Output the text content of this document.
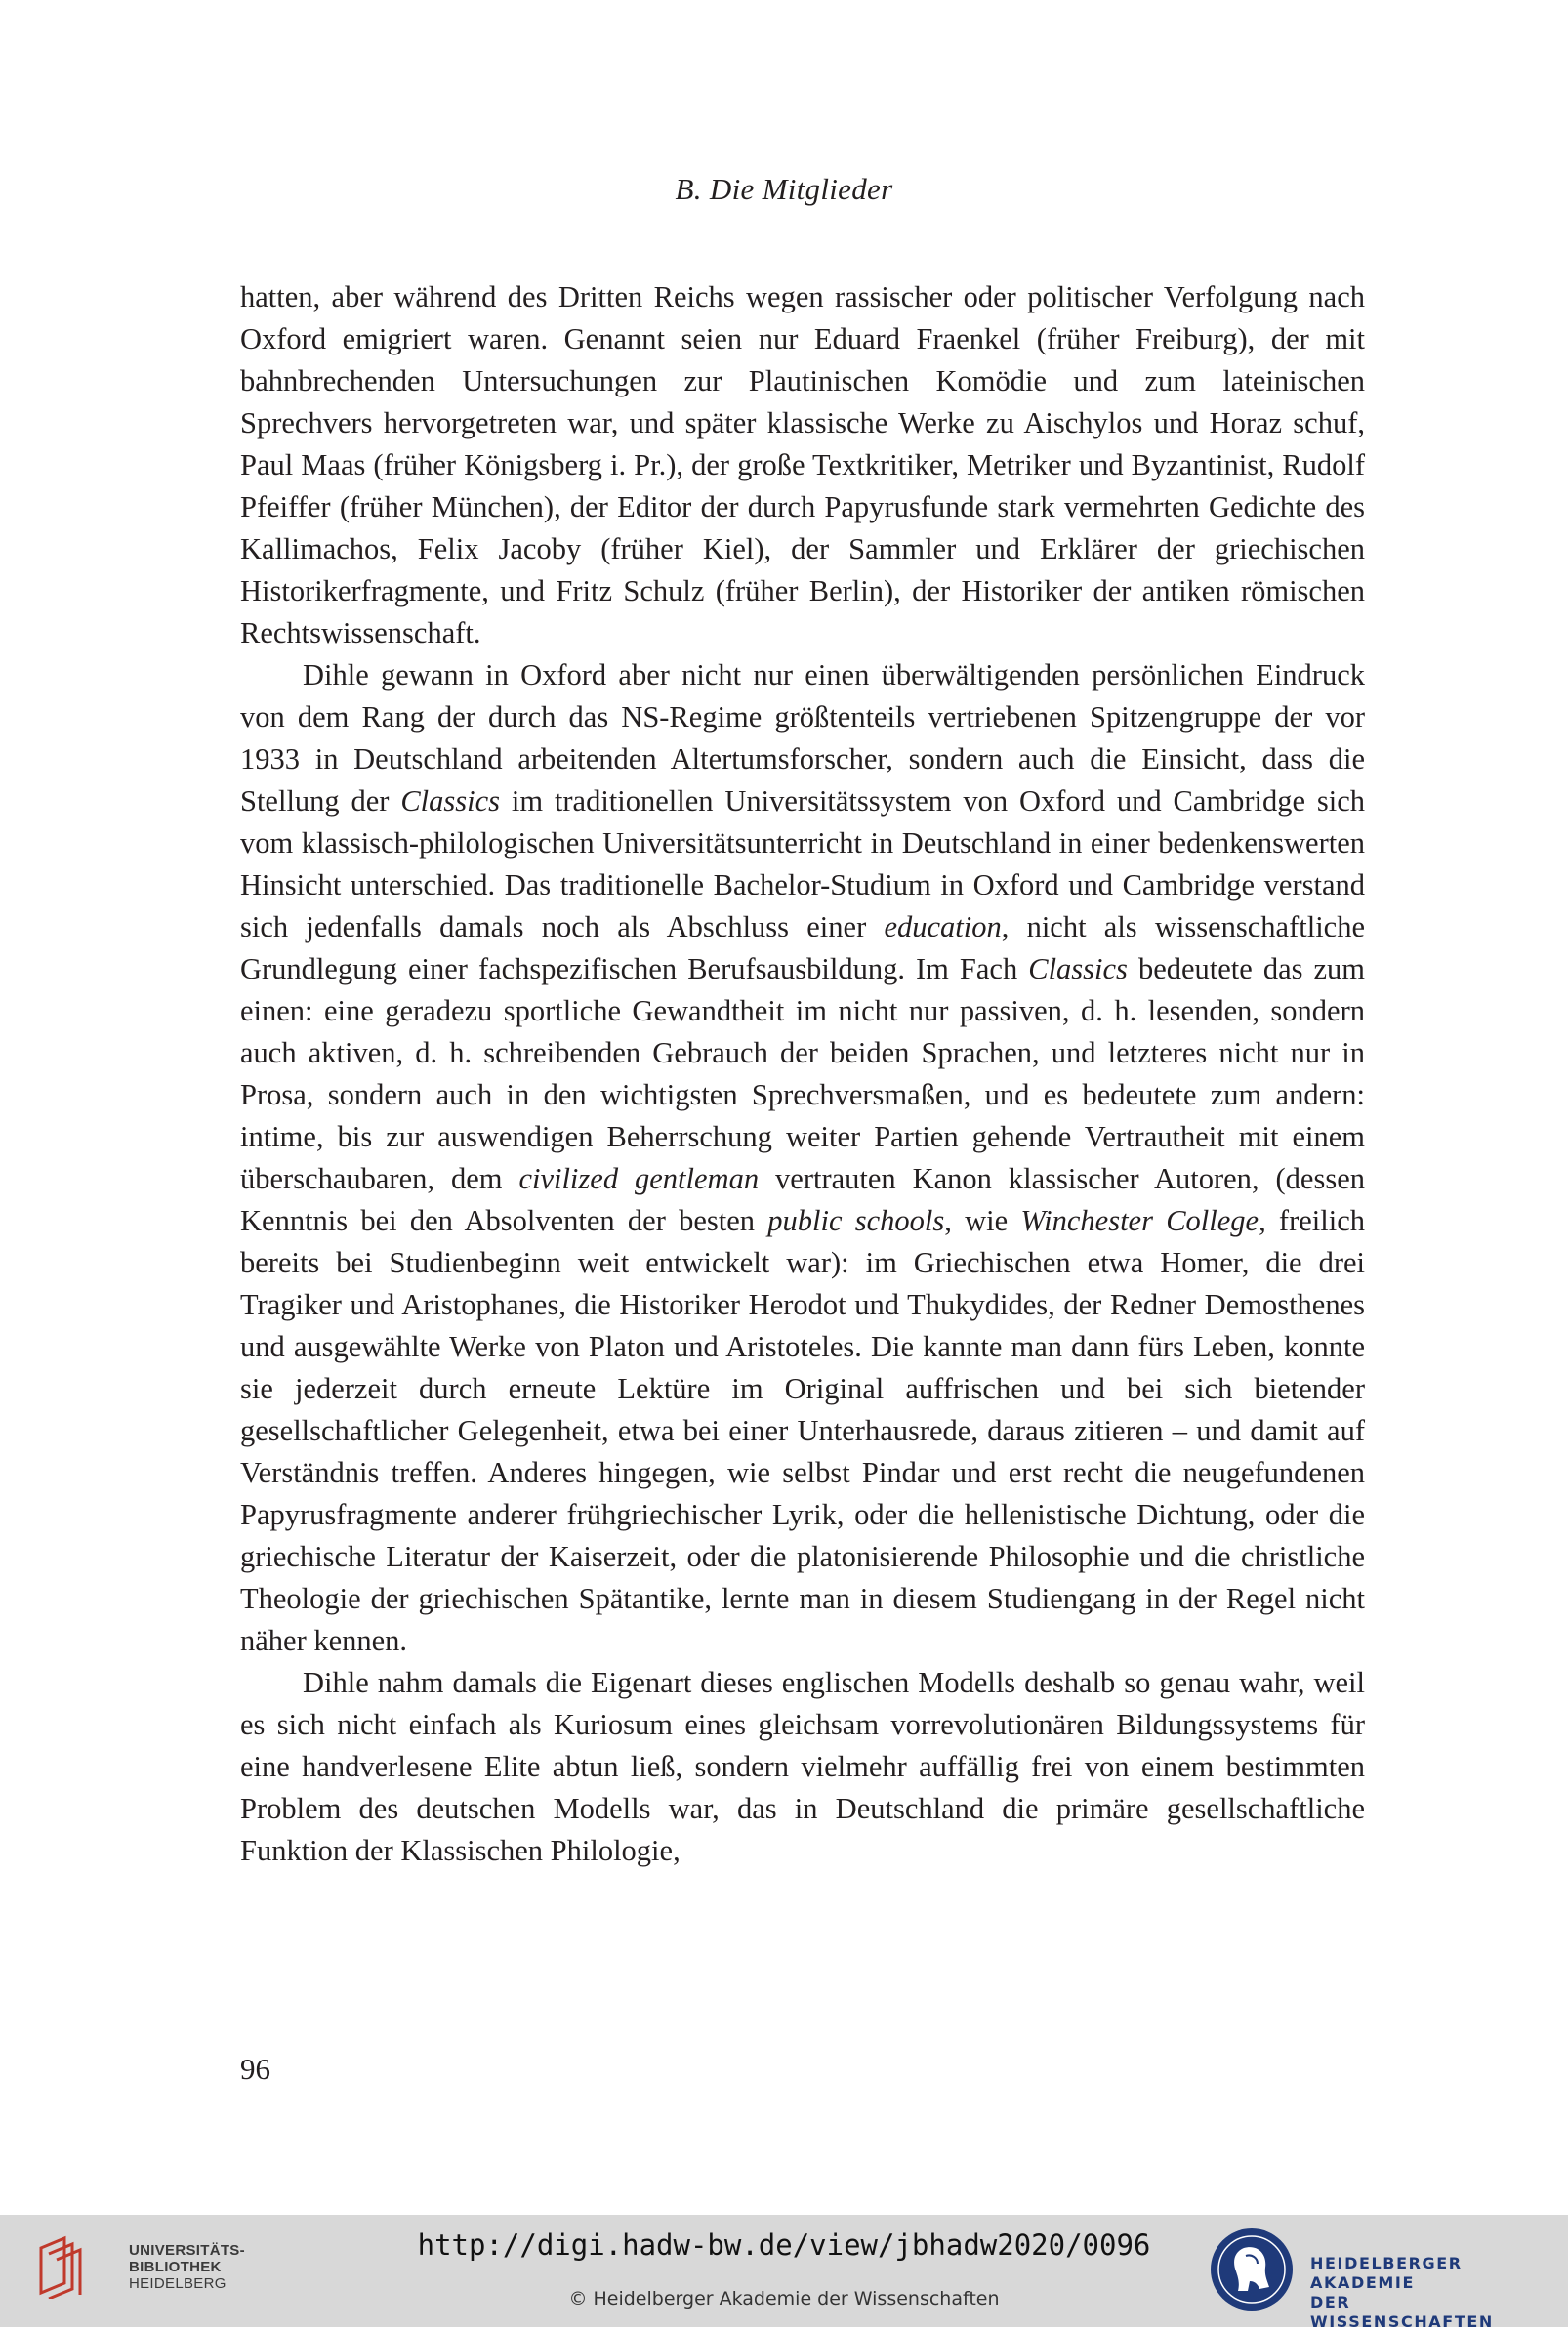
B. Die Mitglieder

hatten, aber während des Dritten Reichs wegen rassischer oder politischer Verfolgung nach Oxford emigriert waren. Genannt seien nur Eduard Fraenkel (früher Freiburg), der mit bahnbrechenden Untersuchungen zur Plautinischen Komödie und zum lateinischen Sprechvers hervorgetreten war, und später klassische Werke zu Aischylos und Horaz schuf, Paul Maas (früher Königsberg i. Pr.), der große Textkritiker, Metriker und Byzantinist, Rudolf Pfeiffer (früher München), der Editor der durch Papyrusfunde stark vermehrten Gedichte des Kallimachos, Felix Jacoby (früher Kiel), der Sammler und Erklärer der griechischen Historikerfragmente, und Fritz Schulz (früher Berlin), der Historiker der antiken römischen Rechtswissenschaft.

Dihle gewann in Oxford aber nicht nur einen überwältigenden persönlichen Eindruck von dem Rang der durch das NS-Regime größtenteils vertriebenen Spitzengruppe der vor 1933 in Deutschland arbeitenden Altertumsforscher, sondern auch die Einsicht, dass die Stellung der Classics im traditionellen Universitätssystem von Oxford und Cambridge sich vom klassisch-philologischen Universitätsunterricht in Deutschland in einer bedenkenswerten Hinsicht unterschied. Das traditionelle Bachelor-Studium in Oxford und Cambridge verstand sich jedenfalls damals noch als Abschluss einer education, nicht als wissenschaftliche Grundlegung einer fachspezifischen Berufsausbildung. Im Fach Classics bedeutete das zum einen: eine geradezu sportliche Gewandtheit im nicht nur passiven, d. h. lesenden, sondern auch aktiven, d. h. schreibenden Gebrauch der beiden Sprachen, und letzteres nicht nur in Prosa, sondern auch in den wichtigsten Sprechversmaßen, und es bedeutete zum andern: intime, bis zur auswendigen Beherrschung weiter Partien gehende Vertrautheit mit einem überschaubaren, dem civilized gentleman vertrauten Kanon klassischer Autoren, (dessen Kenntnis bei den Absolventen der besten public schools, wie Winchester College, freilich bereits bei Studienbeginn weit entwickelt war): im Griechischen etwa Homer, die drei Tragiker und Aristophanes, die Historiker Herodot und Thukydides, der Redner Demosthenes und ausgewählte Werke von Platon und Aristoteles. Die kannte man dann fürs Leben, konnte sie jederzeit durch erneute Lektüre im Original auffrischen und bei sich bietender gesellschaftlicher Gelegenheit, etwa bei einer Unterhausrede, daraus zitieren – und damit auf Verständnis treffen. Anderes hingegen, wie selbst Pindar und erst recht die neugefundenen Papyrusfragmente anderer frühgriechischer Lyrik, oder die hellenistische Dichtung, oder die griechische Literatur der Kaiserzeit, oder die platonisierende Philosophie und die christliche Theologie der griechischen Spätantike, lernte man in diesem Studiengang in der Regel nicht näher kennen.

Dihle nahm damals die Eigenart dieses englischen Modells deshalb so genau wahr, weil es sich nicht einfach als Kuriosum eines gleichsam vorrevolutionären Bildungssystems für eine handverlesene Elite abtun ließ, sondern vielmehr auffällig frei von einem bestimmten Problem des deutschen Modells war, das in Deutschland die primäre gesellschaftliche Funktion der Klassischen Philologie,

96
UNIVERSITÄTS-
BIBLIOTHEK
HEIDELBERG
http://digi.hadw-bw.de/view/jbhadw2020/0096
© Heidelberger Akademie der Wissenschaften
HEIDELBERGER AKADEMIE
DER WISSENSCHAFTEN
